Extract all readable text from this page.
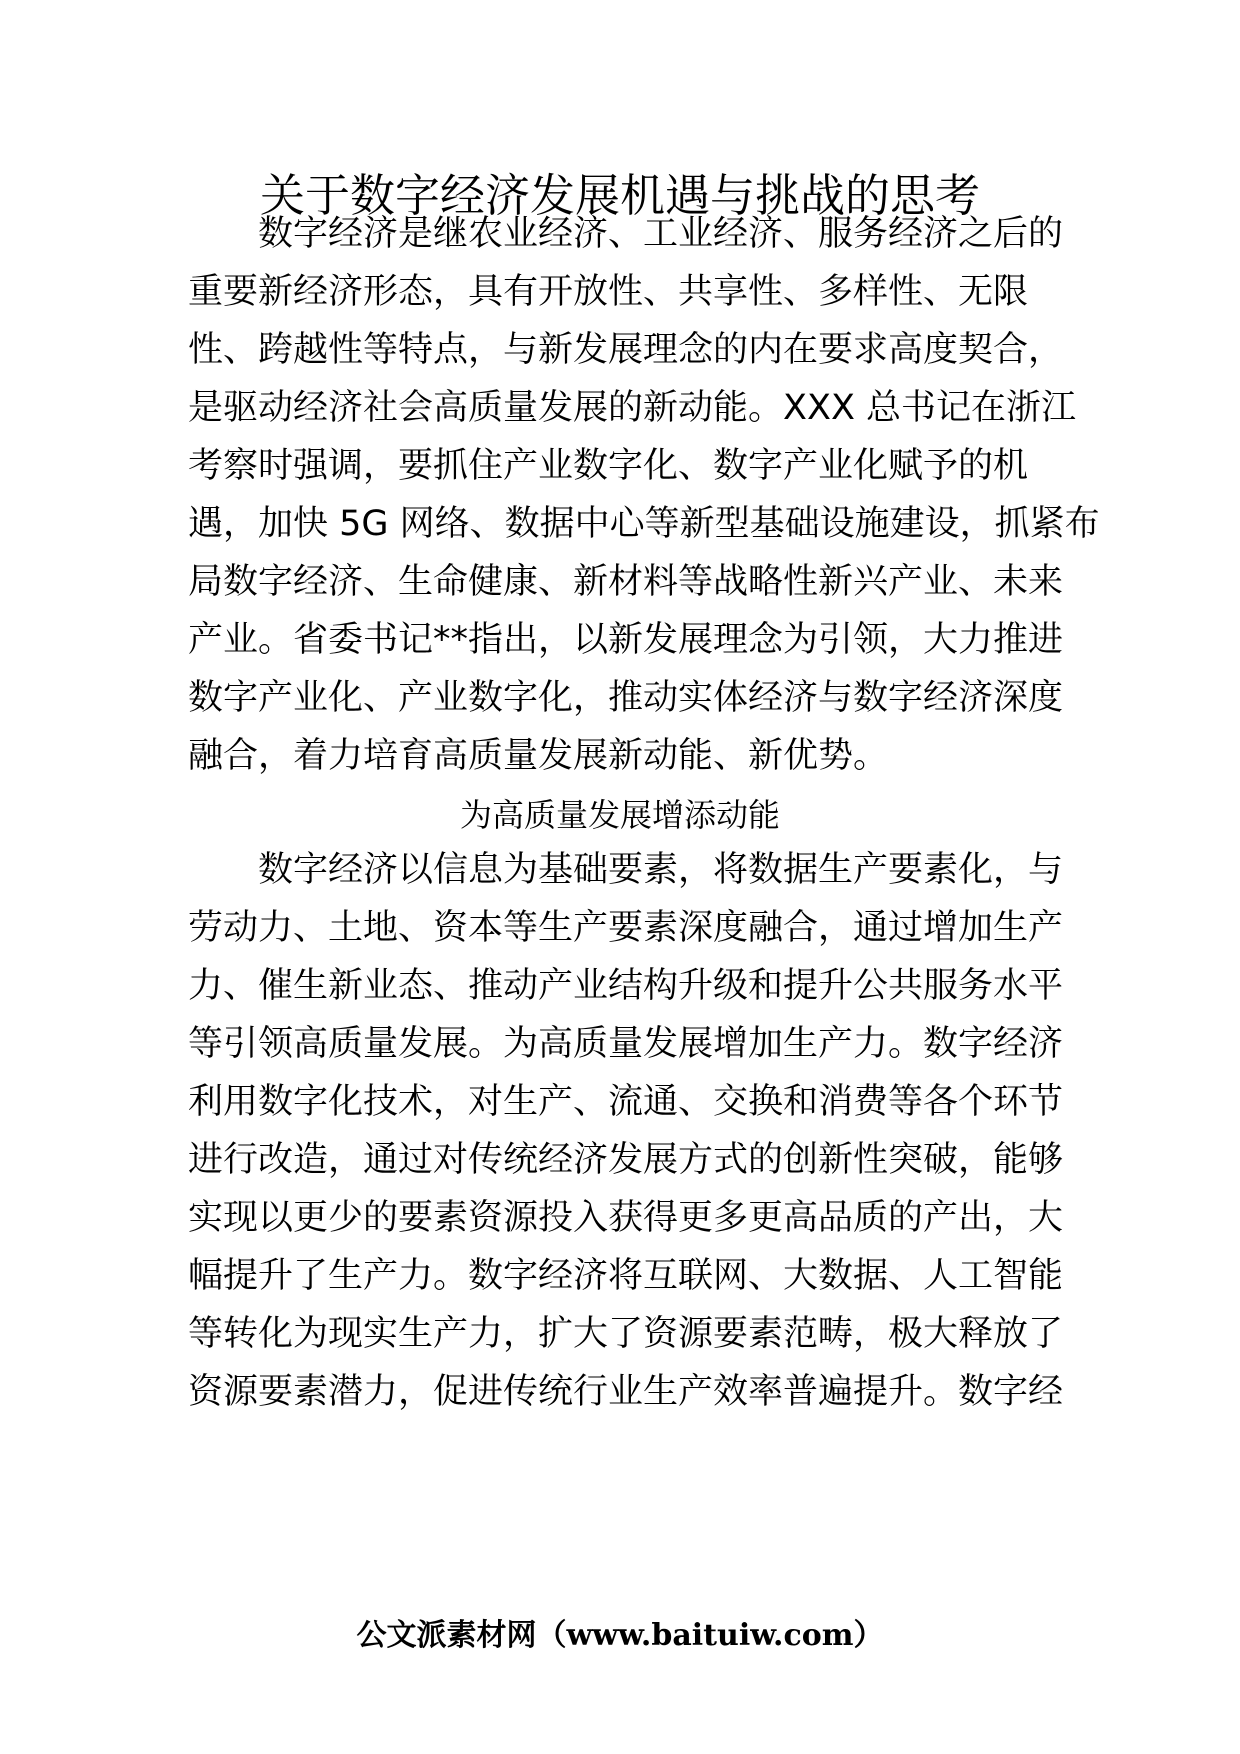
关于数字经济发展机遇与挑战的思考

数字经济是继农业经济、工业经济、服务经济之后的

重要新经济形态，具有开放性、共享性、多样性、无限

性、跨越性等特点，与新发展理念的内在要求高度契合，

是驱动经济社会高质量发展的新动能。XXX 总书记在浙江

考察时强调，要抓住产业数字化、数字产业化赋予的机

遇，加快 5G 网络、数据中心等新型基础设施建设，抓紧布

局数字经济、生命健康、新材料等战略性新兴产业、未来

产业。省委书记**指出，以新发展理念为引领，大力推进

数字产业化、产业数字化，推动实体经济与数字经济深度

融合，着力培育高质量发展新动能、新优势。

为高质量发展增添动能

数字经济以信息为基础要素，将数据生产要素化，与

劳动力、土地、资本等生产要素深度融合，通过增加生产

力、催生新业态、推动产业结构升级和提升公共服务水平

等引领高质量发展。为高质量发展增加生产力。数字经济

利用数字化技术，对生产、流通、交换和消费等各个环节

进行改造，通过对传统经济发展方式的创新性突破，能够

实现以更少的要素资源投入获得更多更高品质的产出，大

幅提升了生产力。数字经济将互联网、大数据、人工智能

等转化为现实生产力，扩大了资源要素范畴，极大释放了

资源要素潜力，促进传统行业生产效率普遍提升。数字经

公文派素材网（www.baituiw.com）
